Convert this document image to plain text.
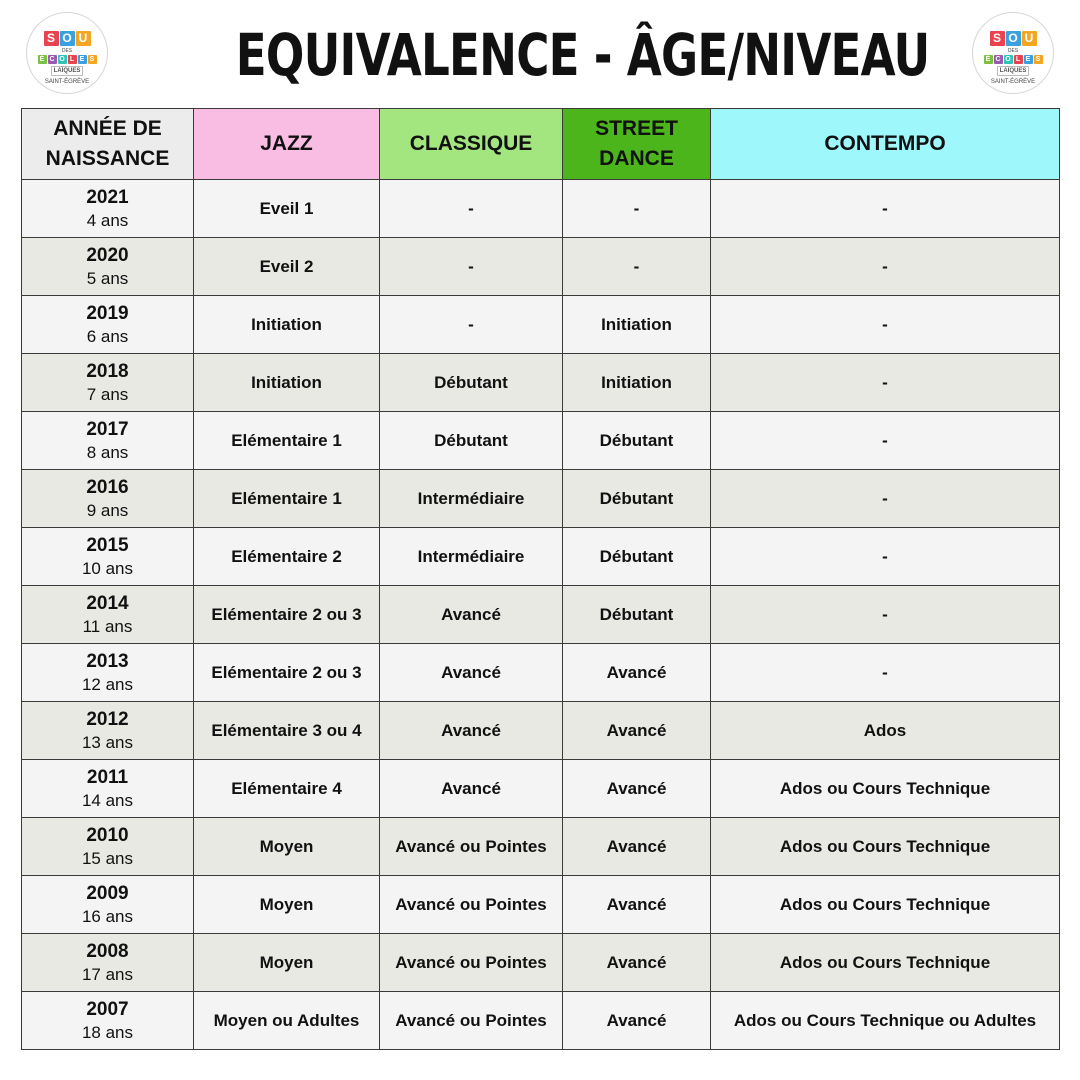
S O U
DES
É C O L E S
LAÏQUES
SAINT-ÉGRÈVE	EQUIVALENCE - ÂGE/NIVEAU	S O U
DES
É C O L E S
LAÏQUES
SAINT-ÉGRÈVE
ANNÉE DE
NAISSANCE	JAZZ	CLASSIQUE	STREET
DANCE	CONTEMPO

2021
4 ans	Eveil 1	-	-	-

2020
5 ans	Eveil 2	-	-	-

2019
6 ans	Initiation	-	Initiation	-

2018
7 ans	Initiation	Débutant	Initiation	-

2017
8 ans	Elémentaire 1	Débutant	Débutant	-

2016
9 ans	Elémentaire 1	Intermédiaire	Débutant	-

2015
10 ans	Elémentaire 2	Intermédiaire	Débutant	-

2014
11 ans	Elémentaire 2 ou 3	Avancé	Débutant	-

2013
12 ans	Elémentaire 2 ou 3	Avancé	Avancé	-

2012
13 ans	Elémentaire 3 ou 4	Avancé	Avancé	Ados

2011
14 ans	Elémentaire 4	Avancé	Avancé	Ados ou Cours Technique

2010
15 ans	Moyen	Avancé ou Pointes	Avancé	Ados ou Cours Technique

2009
16 ans	Moyen	Avancé ou Pointes	Avancé	Ados ou Cours Technique

2008
17 ans	Moyen	Avancé ou Pointes	Avancé	Ados ou Cours Technique

2007
18 ans	Moyen ou Adultes	Avancé ou Pointes	Avancé	Ados ou Cours Technique ou Adultes
